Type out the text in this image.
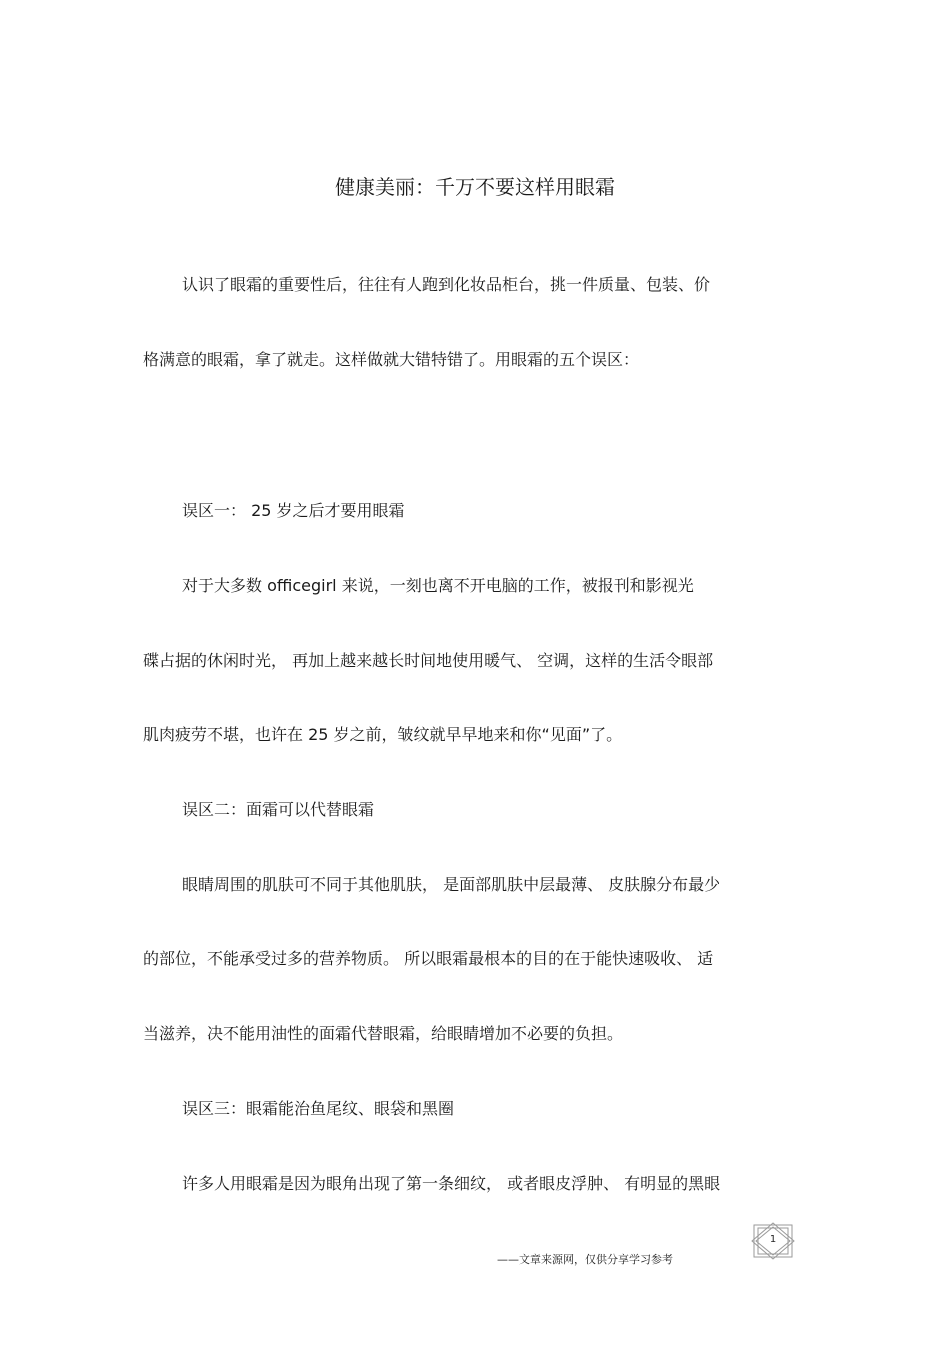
健康美丽：千万不要这样用眼霜

认识了眼霜的重要性后，往往有人跑到化妆品柜台，挑一件质量、包装、价

格满意的眼霜，拿了就走。这样做就大错特错了。用眼霜的五个误区：

误区一： 25 岁之后才要用眼霜

对于大多数 officegirl 来说，一刻也离不开电脑的工作，被报刊和影视光

碟占据的休闲时光， 再加上越来越长时间地使用暖气、 空调，这样的生活令眼部

肌肉疲劳不堪，也许在 25 岁之前，皱纹就早早地来和你“见面”了。

误区二：面霜可以代替眼霜

眼睛周围的肌肤可不同于其他肌肤， 是面部肌肤中层最薄、 皮肤腺分布最少

的部位，不能承受过多的营养物质。 所以眼霜最根本的目的在于能快速吸收、 适

当滋养，决不能用油性的面霜代替眼霜，给眼睛增加不必要的负担。

误区三：眼霜能治鱼尾纹、眼袋和黑圈

许多人用眼霜是因为眼角出现了第一条细纹， 或者眼皮浮肿、 有明显的黑眼

1
——文章来源网，仅供分享学习参考
